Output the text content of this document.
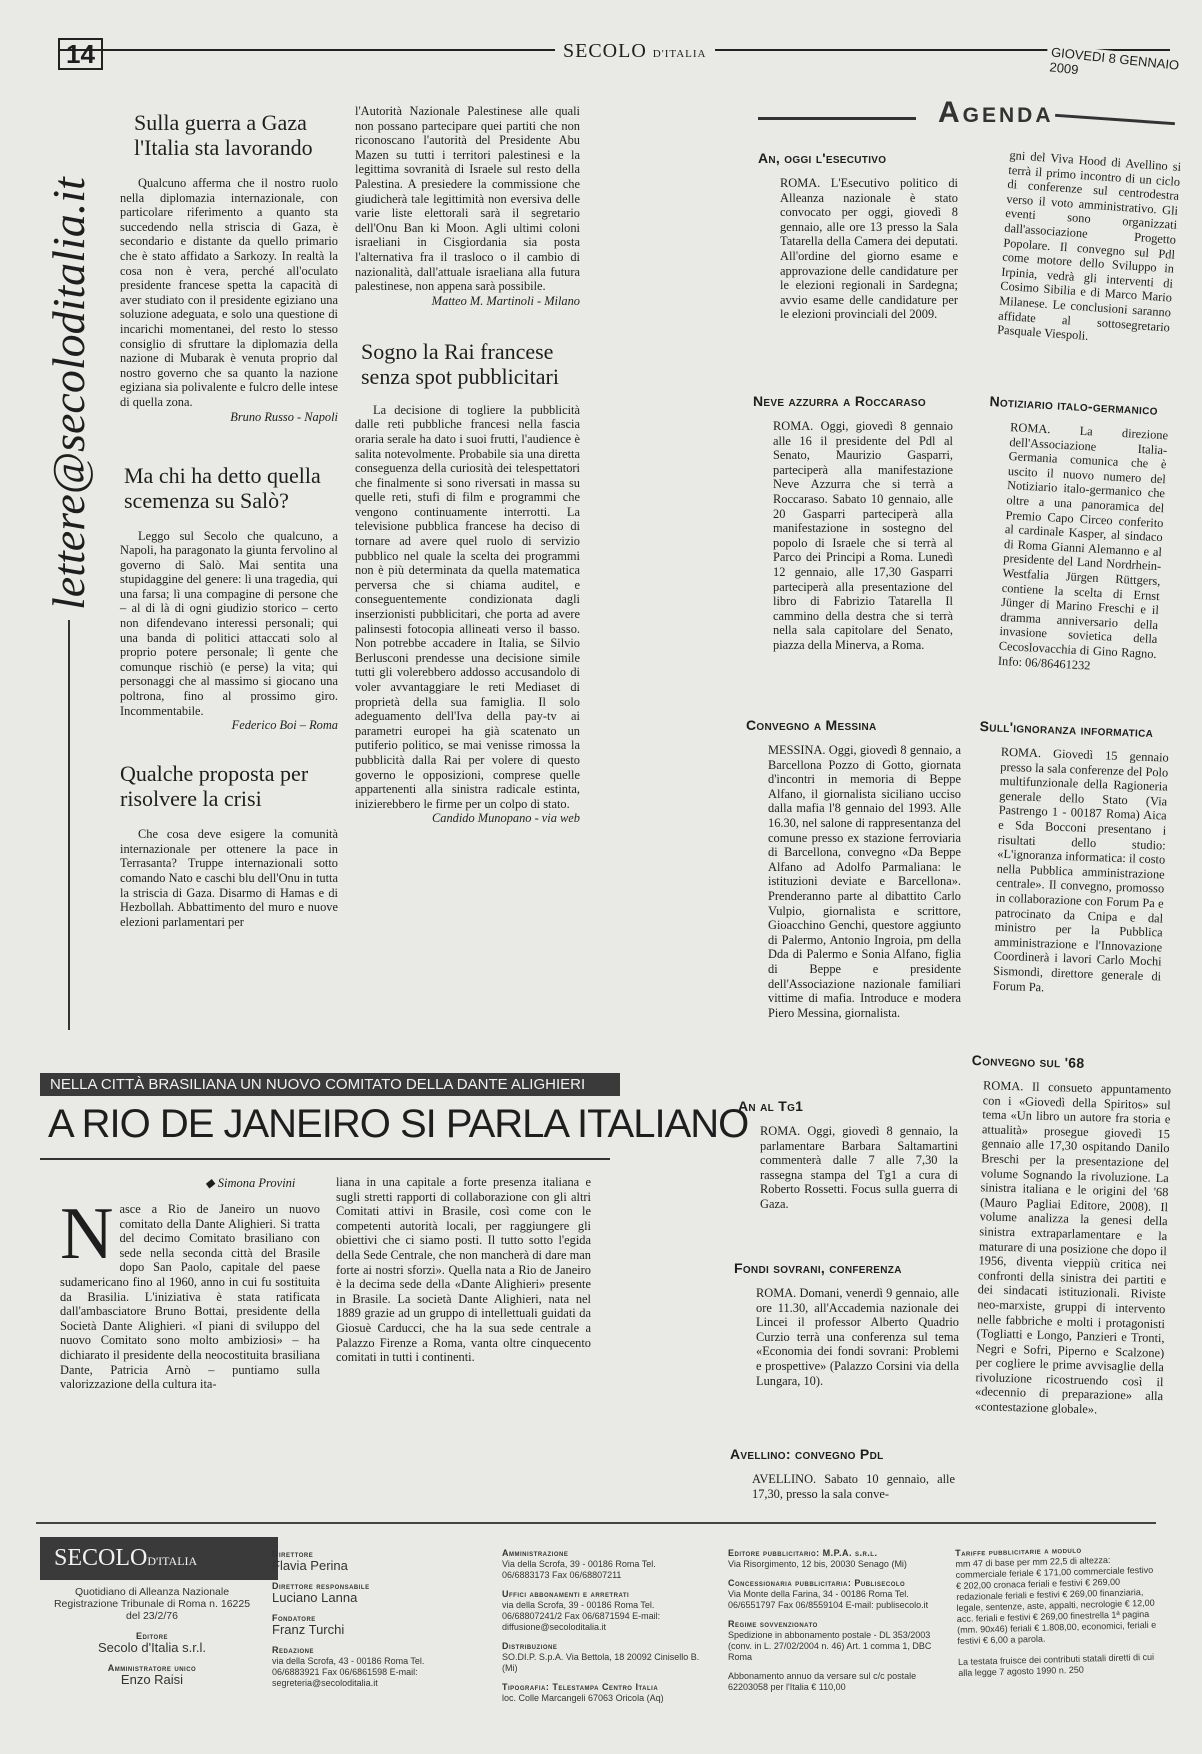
14	SECOLO D'ITALIA	GIOVEDI 8 GENNAIO 2009
lettere@secoloditalia.it
Sulla guerra a Gaza l'Italia sta lavorando

Qualcuno afferma che il nostro ruolo nella diplomazia internazionale, con particolare riferimento a quanto sta succedendo nella striscia di Gaza, è secondario e distante da quello primario che è stato affidato a Sarkozy. In realtà la cosa non è vera, perché all'oculato presidente francese spetta la capacità di aver studiato con il presidente egiziano una soluzione adeguata, e solo una questione di incarichi momentanei, del resto lo stesso consiglio di sfruttare la diplomazia della nazione di Mubarak è venuta proprio dal nostro governo che sa quanto la nazione egiziana sia polivalente e fulcro delle intese di quella zona.

Bruno Russo - Napoli
Ma chi ha detto quella scemenza su Salò?

Leggo sul Secolo che qualcuno, a Napoli, ha paragonato la giunta fervolino al governo di Salò. Mai sentita una stupidaggine del genere: lì una tragedia, qui una farsa; lì una compagine di persone che – al di là di ogni giudizio storico – certo non difendevano interessi personali; qui una banda di politici attaccati solo al proprio potere personale; lì gente che comunque rischiò (e perse) la vita; qui personaggi che al massimo si giocano una poltrona, fino al prossimo giro. Incommentabile.

Federico Boi – Roma
Qualche proposta per risolvere la crisi

Che cosa deve esigere la comunità internazionale per ottenere la pace in Terrasanta? Truppe internazionali sotto comando Nato e caschi blu dell'Onu in tutta la striscia di Gaza. Disarmo di Hamas e di Hezbollah. Abbattimento del muro e nuove elezioni parlamentari per

l'Autorità Nazionale Palestinese alle quali non possano partecipare quei partiti che non riconoscano l'autorità del Presidente Abu Mazen su tutti i territori palestinesi e la legittima sovranità di Israele sul resto della Palestina. A presiedere la commissione che giudicherà tale legittimità non eversiva delle varie liste elettorali sarà il segretario dell'Onu Ban ki Moon. Agli ultimi coloni israeliani in Cisgiordania sia posta l'alternativa fra il trasloco o il cambio di nazionalità, dall'attuale israeliana alla futura palestinese, non appena sarà possibile.
Matteo M. Martinoli - Milano
Sogno la Rai francese senza spot pubblicitari

La decisione di togliere la pubblicità dalle reti pubbliche francesi nella fascia oraria serale ha dato i suoi frutti, l'audience è salita notevolmente. Probabile sia una diretta conseguenza della curiosità dei telespettatori che finalmente si sono riversati in massa su quelle reti, stufi di film e programmi che vengono continuamente interrotti. La televisione pubblica francese ha deciso di tornare ad avere quel ruolo di servizio pubblico nel quale la scelta dei programmi non è più determinata da quella matematica perversa che si chiama auditel, e conseguentemente condizionata dagli inserzionisti pubblicitari, che porta ad avere palinsesti fotocopia allineati verso il basso. Non potrebbe accadere in Italia, se Silvio Berlusconi prendesse una decisione simile tutti gli volerebbero addosso accusandolo di voler avvantaggiare le reti Mediaset di proprietà della sua famiglia. Il solo adeguamento dell'Iva della pay-tv ai parametri europei ha già scatenato un putiferio politico, se mai venisse rimossa la pubblicità dalla Rai per volere di questo governo le opposizioni, comprese quelle appartenenti alla sinistra radicale estinta, inizierebbero le firme per un colpo di stato.

Candido Munopano - via web
NELLA CITTÀ BRASILIANA UN NUOVO COMITATO DELLA DANTE ALIGHIERI
A RIO DE JANEIRO SI PARLA ITALIANO
◆ Simona Provini
Nasce a Rio de Janeiro un nuovo comitato della Dante Alighieri. Si tratta del decimo Comitato brasiliano con sede nella seconda città del Brasile dopo San Paolo, capitale del paese sudamericano fino al 1960, anno in cui fu sostituita da Brasilia. L'iniziativa è stata ratificata dall'ambasciatore Bruno Bottai, presidente della Società Dante Alighieri. «I piani di sviluppo del nuovo Comitato sono molto ambiziosi» – ha dichiarato il presidente della neocostituita brasiliana Dante, Patricia Arnò – puntiamo sulla valorizzazione della cultura ita-
liana in una capitale a forte presenza italiana e sugli stretti rapporti di collaborazione con gli altri Comitati attivi in Brasile, così come con le competenti autorità locali, per raggiungere gli obiettivi che ci siamo posti. Il tutto sotto l'egida della Sede Centrale, che non mancherà di dare man forte ai nostri sforzi». Quella nata a Rio de Janeiro è la decima sede della «Dante Alighieri» presente in Brasile. La società Dante Alighieri, nata nel 1889 grazie ad un gruppo di intellettuali guidati da Giosuè Carducci, che ha la sua sede centrale a Palazzo Firenze a Roma, vanta oltre cinquecento comitati in tutti i continenti.
Agenda
An, oggi l'esecutivo
ROMA. L'Esecutivo politico di Alleanza nazionale è stato convocato per oggi, giovedì 8 gennaio, alle ore 13 presso la Sala Tatarella della Camera dei deputati. All'ordine del giorno esame e approvazione delle candidature per le elezioni regionali in Sardegna; avvio esame delle candidature per le elezioni provinciali del 2009.
gni del Viva Hood di Avellino si terrà il primo incontro di un ciclo di conferenze sul centrodestra verso il voto amministrativo. Gli eventi sono organizzati dall'associazione Progetto Popolare. Il convegno sul Pdl come motore dello Sviluppo in Irpinia, vedrà gli interventi di Cosimo Sibilia e di Marco Mario Milanese. Le conclusioni saranno affidate al sottosegretario Pasquale Viespoli.
Neve azzurra a Roccaraso
ROMA. Oggi, giovedì 8 gennaio alle 16 il presidente del Pdl al Senato, Maurizio Gasparri, parteciperà alla manifestazione Neve Azzurra che si terrà a Roccaraso. Sabato 10 gennaio, alle 20 Gasparri parteciperà alla manifestazione in sostegno del popolo di Israele che si terrà al Parco dei Principi a Roma. Lunedì 12 gennaio, alle 17,30 Gasparri parteciperà alla presentazione del libro di Fabrizio Tatarella Il cammino della destra che si terrà nella sala capitolare del Senato, piazza della Minerva, a Roma.
Notiziario italo-germanico
ROMA. La direzione dell'Associazione Italia-Germania comunica che è uscito il nuovo numero del Notiziario italo-germanico che oltre a una panoramica del Premio Capo Circeo conferito al cardinale Kasper, al sindaco di Roma Gianni Alemanno e al presidente del Land Nordrhein-Westfalia Jürgen Rüttgers, contiene la scelta di Ernst Jünger di Marino Freschi e il dramma anniversario della invasione sovietica della Cecoslovacchia di Gino Ragno. Info: 06/86461232
Convegno a Messina
MESSINA. Oggi, giovedì 8 gennaio, a Barcellona Pozzo di Gotto, giornata d'incontri in memoria di Beppe Alfano, il giornalista siciliano ucciso dalla mafia l'8 gennaio del 1993. Alle 16.30, nel salone di rappresentanza del comune presso ex stazione ferroviaria di Barcellona, convegno «Da Beppe Alfano ad Adolfo Parmaliana: le istituzioni deviate e Barcellona». Prenderanno parte al dibattito Carlo Vulpio, giornalista e scrittore, Gioacchino Genchi, questore aggiunto di Palermo, Antonio Ingroia, pm della Dda di Palermo e Sonia Alfano, figlia di Beppe e presidente dell'Associazione nazionale familiari vittime di mafia. Introduce e modera Piero Messina, giornalista.
Sull'ignoranza informatica
ROMA. Giovedì 15 gennaio presso la sala conferenze del Polo multifunzionale della Ragioneria generale dello Stato (Via Pastrengo 1 - 00187 Roma) Aica e Sda Bocconi presentano i risultati dello studio: «L'ignoranza informatica: il costo nella Pubblica amministrazione centrale». Il convegno, promosso in collaborazione con Forum Pa e patrocinato da Cnipa e dal ministro per la Pubblica amministrazione e l'Innovazione Coordinerà i lavori Carlo Mochi Sismondi, direttore generale di Forum Pa.
An al Tg1
ROMA. Oggi, giovedì 8 gennaio, la parlamentare Barbara Saltamartini commenterà dalle 7 alle 7,30 la rassegna stampa del Tg1 a cura di Roberto Rossetti. Focus sulla guerra di Gaza.
Convegno sul '68
ROMA. Il consueto appuntamento con i «Giovedì della Spiritos» sul tema «Un libro un autore fra storia e attualità» prosegue giovedì 15 gennaio alle 17,30 ospitando Danilo Breschi per la presentazione del volume Sognando la rivoluzione. La sinistra italiana e le origini del '68 (Mauro Pagliai Editore, 2008). Il volume analizza la genesi della sinistra extraparlamentare e la maturare di una posizione che dopo il 1956, diventa vieppiù critica nei confronti della sinistra dei partiti e dei sindacati istituzionali. Riviste neo-marxiste, gruppi di intervento nelle fabbriche e molti i protagonisti (Togliatti e Longo, Panzieri e Tronti, Negri e Sofri, Piperno e Scalzone) per cogliere le prime avvisaglie della rivoluzione ricostruendo così il «decennio di preparazione» alla «contestazione globale».
Fondi sovrani, conferenza
ROMA. Domani, venerdì 9 gennaio, alle ore 11.30, all'Accademia nazionale dei Lincei il professor Alberto Quadrio Curzio terrà una conferenza sul tema «Economia dei fondi sovrani: Problemi e prospettive» (Palazzo Corsini via della Lungara, 10).
Avellino: convegno Pdl
AVELLINO. Sabato 10 gennaio, alle 17,30, presso la sala conve-
SECOLOD'ITALIA
Quotidiano di Alleanza Nazionale Registrazione Tribunale di Roma n. 16225 del 23/2/76
Editore
Secolo d'Italia s.r.l.
Amministratore unico
Enzo Raisi
Direttore
Flavia Perina
Direttore responsabile
Luciano Lanna
Fondatore
Franz Turchi
Redazione
via della Scrofa, 43 - 00186 Roma Tel. 06/6883921 Fax 06/6861598 E-mail: segreteria@secoloditalia.it
Amministrazione
Via della Scrofa, 39 - 00186 Roma Tel. 06/6883173 Fax 06/68807211
Uffici abbonamenti e arretrati
via della Scrofa, 39 - 00186 Roma Tel. 06/68807241/2 Fax 06/6871594 E-mail: diffusione@secoloditalia.it
Distribuzione
SO.DI.P. S.p.A. Via Bettola, 18 20092 Cinisello B. (Mi)
Tipografia: Telestampa Centro Italia
loc. Colle Marcangeli 67063 Oricola (Aq)
Editore pubblicitario: M.P.A. s.r.l.
Via Risorgimento, 12 bis, 20030 Senago (Mi)
Concessionaria pubblicitaria: Publisecolo
Via Monte della Farina, 34 - 00186 Roma Tel. 06/6551797 Fax 06/8559104 E-mail: publisecolo.it
Regime sovvenzionato
Spedizione in abbonamento postale - DL 353/2003 (conv. in L. 27/02/2004 n. 46) Art. 1 comma 1, DBC Roma
Abbonamento annuo da versare sul c/c postale 62203058 per l'Italia € 110,00
Tariffe pubblicitarie a modulo
mm 47 di base per mm 22,5 di altezza: commerciale feriale € 171,00 commerciale festivo € 202,00 cronaca feriali e festivi € 269,00 redazionale feriali e festivi € 269,00 finanziaria, legale, sentenze, aste, appalti, necrologie € 12,00 acc. feriali e festivi € 269,00 finestrella 1ª pagina (mm. 90x46) feriali € 1.808,00, economici, feriali e festivi € 6,00 a parola.
La testata fruisce dei contributi statali diretti di cui alla legge 7 agosto 1990 n. 250
